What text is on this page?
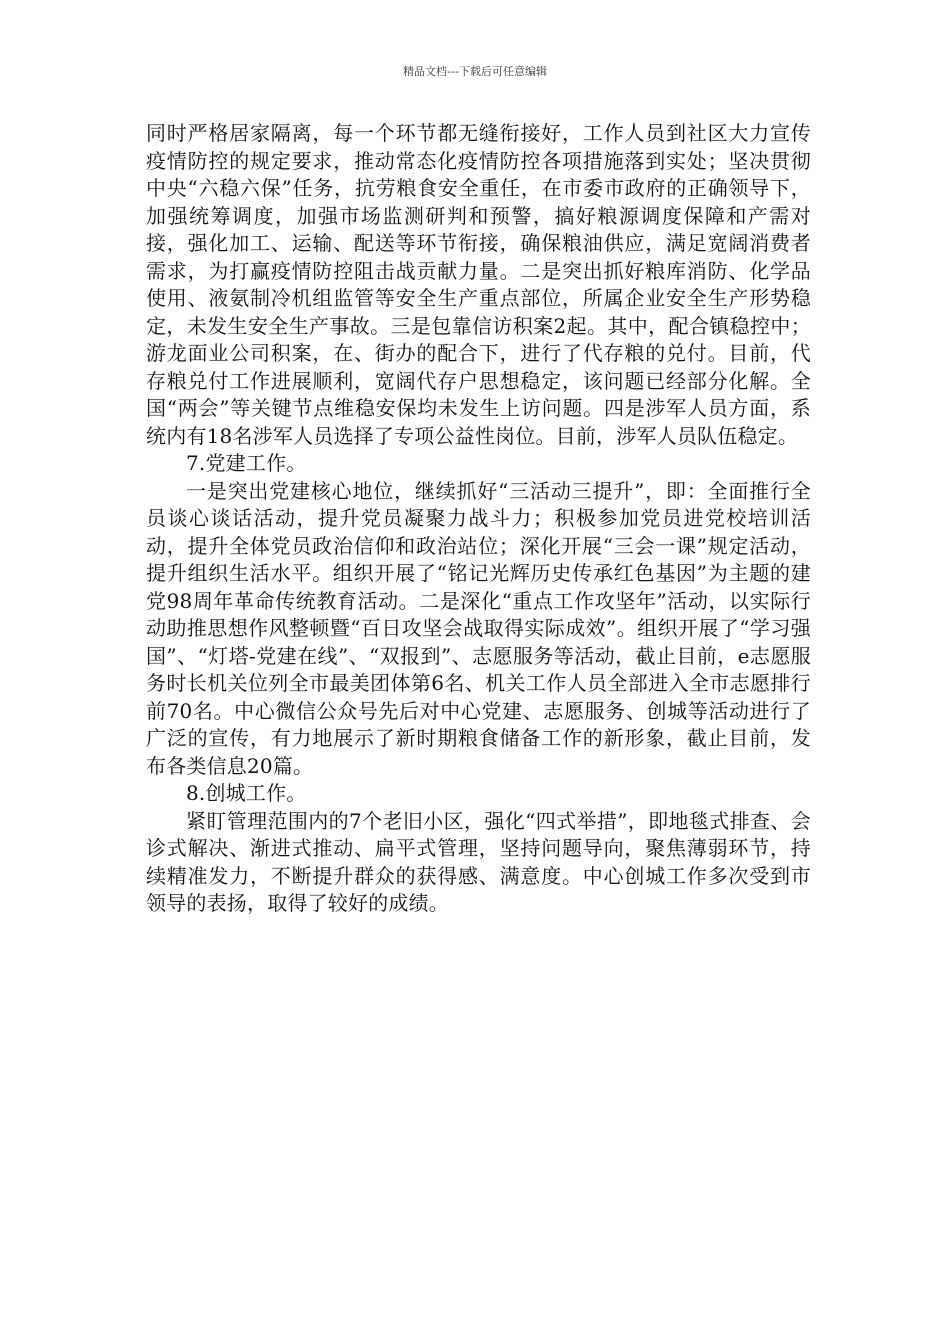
精品文档---下载后可任意编辑

同时严格居家隔离，每一个环节都无缝衔接好，工作人员到社区大力宣传疫情防控的规定要求，推动常态化疫情防控各项措施落到实处；坚决贯彻中央“六稳六保”任务，抗劳粮食安全重任，在市委市政府的正确领导下，加强统筹调度，加强市场监测研判和预警，搞好粮源调度保障和产需对接，强化加工、运输、配送等环节衔接，确保粮油供应，满足宽阔消费者需求，为打赢疫情防控阻击战贡献力量。二是突出抓好粮库消防、化学品使用、液氨制冷机组监管等安全生产重点部位，所属企业安全生产形势稳定，未发生安全生产事故。三是包靠信访积案2起。其中，配合镇稳控中；游龙面业公司积案，在、街办的配合下，进行了代存粮的兑付。目前，代存粮兑付工作进展顺利，宽阔代存户思想稳定，该问题已经部分化解。全国“两会”等关键节点维稳安保均未发生上访问题。四是涉军人员方面，系统内有18名涉军人员选择了专项公益性岗位。目前，涉军人员队伍稳定。

7.党建工作。

一是突出党建核心地位，继续抓好“三活动三提升”，即：全面推行全员谈心谈话活动，提升党员凝聚力战斗力；积极参加党员进党校培训活动，提升全体党员政治信仰和政治站位；深化开展“三会一课”规定活动，提升组织生活水平。组织开展了“铭记光辉历史传承红色基因”为主题的建党98周年革命传统教育活动。二是深化“重点工作攻坚年”活动，以实际行动助推思想作风整顿暨“百日攻坚会战取得实际成效”。组织开展了“学习强国”、“灯塔-党建在线”、“双报到”、志愿服务等活动，截止目前，e志愿服务时长机关位列全市最美团体第6名、机关工作人员全部进入全市志愿排行前70名。中心微信公众号先后对中心党建、志愿服务、创城等活动进行了广泛的宣传，有力地展示了新时期粮食储备工作的新形象，截止目前，发布各类信息20篇。

8.创城工作。

紧盯管理范围内的7个老旧小区，强化“四式举措”，即地毯式排查、会诊式解决、渐进式推动、扁平式管理，坚持问题导向，聚焦薄弱环节，持续精准发力，不断提升群众的获得感、满意度。中心创城工作多次受到市领导的表扬，取得了较好的成绩。
